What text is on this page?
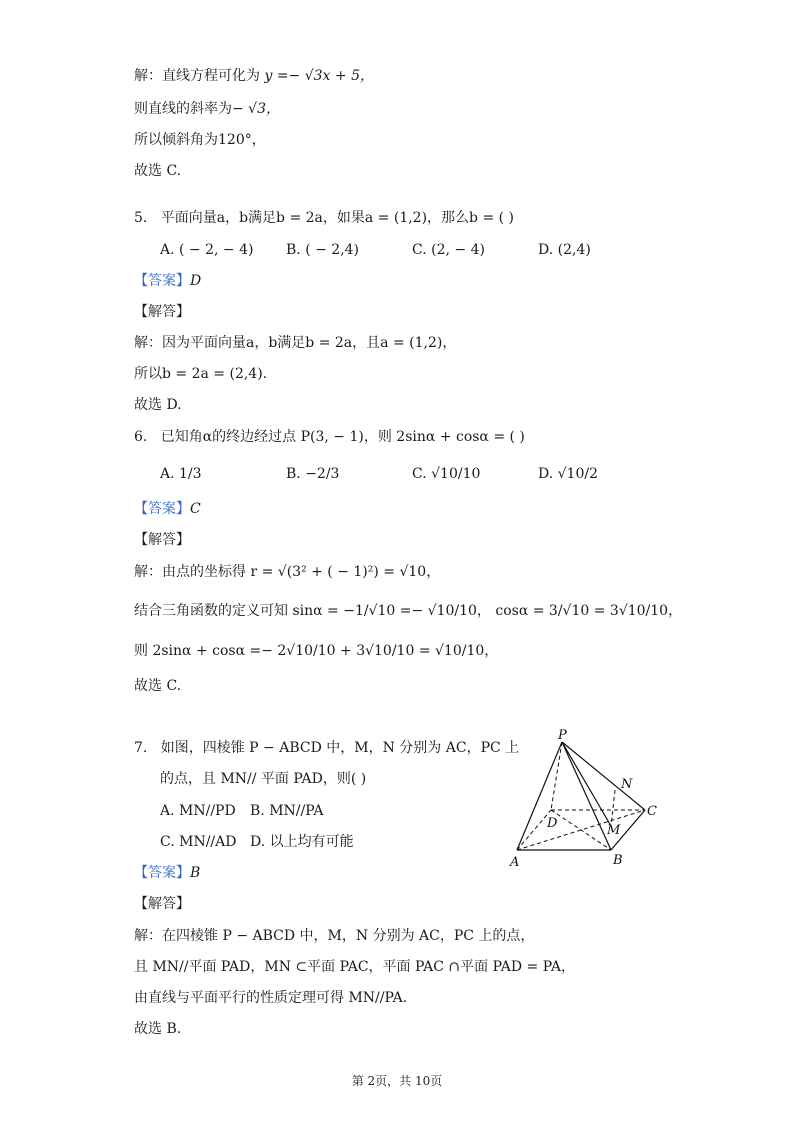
解：直线方程可化为 y =− √3x + 5，
则直线的斜率为− √3，
所以倾斜角为120°，
故选 C.
5. 平面向量a，b满足b = 2a，如果a = (1,2)，那么b = ( )
A. ( − 2, − 4) B. ( − 2,4)	C. (2, − 4)	D. (2,4)
【答案】D
【解答】
解：因为平面向量a，b满足b = 2a，且a = (1,2)，
所以b = 2a = (2,4).
故选 D.
6. 已知角α的终边经过点 P(3, − 1)，则 2sinα + cosα = ( )
A. 1/3	B. −2/3	C. √10/10	D. √10/2
【答案】C
【解答】
解：由点的坐标得 r = √(3² + ( − 1)²) = √10，
结合三角函数的定义可知 sinα = −1/√10 =− √10/10， cosα = 3/√10 = 3√10/10，
则 2sinα + cosα =− 2√10/10 + 3√10/10 = √10/10，
故选 C.
7. 如图，四棱锥 P − ABCD 中，M，N 分别为 AC，PC 上
的点，且 MN// 平面 PAD，则( )
A. MN//PD B. MN//PA
C. MN//AD D. 以上均有可能
P
N
C
D	M
A	B
【答案】B
【解答】
解：在四棱锥 P − ABCD 中，M，N 分别为 AC，PC 上的点，
且 MN//平面 PAD，MN ⊂平面 PAC，平面 PAC ∩平面 PAD = PA，
由直线与平面平行的性质定理可得 MN//PA.
故选 B.
第 2页，共 10页
